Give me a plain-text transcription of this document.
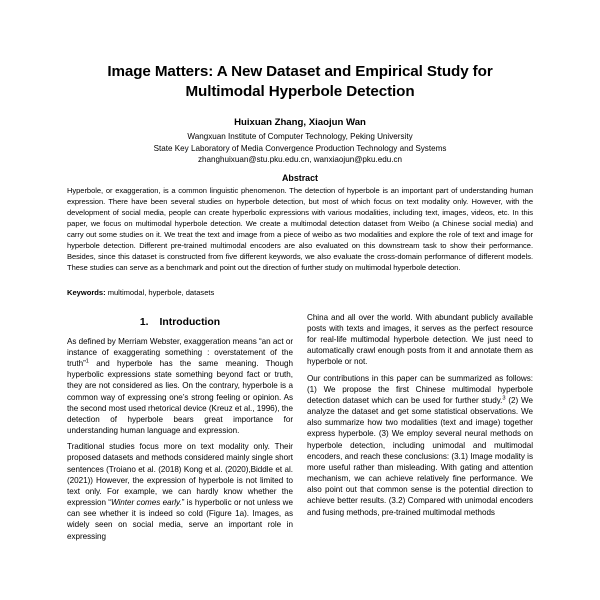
Image Matters: A New Dataset and Empirical Study for Multimodal Hyperbole Detection

Huixuan Zhang, Xiaojun Wan

Wangxuan Institute of Computer Technology, Peking University

State Key Laboratory of Media Convergence Production Technology and Systems

zhanghuixuan@stu.pku.edu.cn, wanxiaojun@pku.edu.cn

Abstract

Hyperbole, or exaggeration, is a common linguistic phenomenon. The detection of hyperbole is an important part of understanding human expression. There have been several studies on hyperbole detection, but most of which focus on text modality only. However, with the development of social media, people can create hyperbolic expressions with various modalities, including text, images, videos, etc. In this paper, we focus on multimodal hyperbole detection. We create a multimodal detection dataset from Weibo (a Chinese social media) and carry out some studies on it. We treat the text and image from a piece of weibo as two modalities and explore the role of text and image for hyperbole detection. Different pre-trained multimodal encoders are also evaluated on this downstream task to show their performance. Besides, since this dataset is constructed from five different keywords, we also evaluate the cross-domain performance of different models. These studies can serve as a benchmark and point out the direction of further study on multimodal hyperbole detection.

Keywords: multimodal, hyperbole, datasets

1. Introduction

As defined by Merriam Webster, exaggeration means “an act or instance of exaggerating something : overstatement of the truth”$^1$ and hyperbole has the same meaning. Though hyperbolic expressions state something beyond fact or truth, they are not considered as lies. On the contrary, hyperbole is a common way of expressing one’s strong feeling or opinion. As the second most used rhetorical device (Kreuz et al., 1996), the detection of hyperbole bears great importance for understanding human language and expression.

Traditional studies focus more on text modality only. Their proposed datasets and methods considered mainly single short sentences (Troiano et al. (2018) Kong et al. (2020),Biddle et al. (2021)) However, the expression of hyperbole is not limited to text only. For example, we can hardly know whether the expression “Winter comes early.” is hyperbolic or not unless we can see whether it is indeed so cold (Figure 1a). Images, as widely seen on social media, serve an important role in expressing

China and all over the world. With abundant publicly available posts with texts and images, it serves as the perfect resource for real-life multimodal hyperbole detection. We just need to automatically crawl enough posts from it and annotate them as hyperbole or not.

Our contributions in this paper can be summarized as follows: (1) We propose the first Chinese multimodal hyperbole detection dataset which can be used for further study.$^3$ (2) We analyze the dataset and get some statistical observations. We also summarize how two modalities (text and image) together express hyperbole. (3) We employ several neural methods on hyperbole detection, including unimodal and multimodal encoders, and reach these conclusions: (3.1) Image modality is more useful rather than misleading. With gating and attention mechanism, we can achieve relatively fine performance. We also point out that common sense is the potential direction to achieve better results. (3.2) Compared with unimodal encoders and fusing methods, pre-trained multimodal methods
